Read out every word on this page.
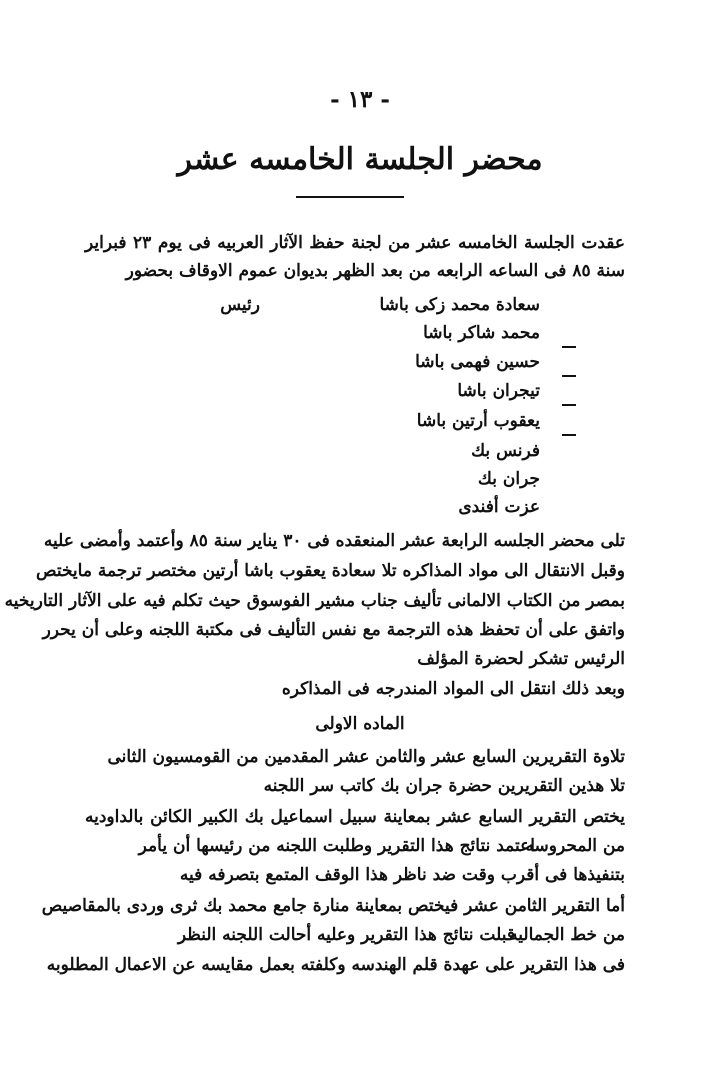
- ١٣ -
محضر الجلسة الخامسه عشر
عقدت الجلسة الخامسه عشر من لجنة حفظ الآثار العربيه فى يوم ٢٣ فبراير
سنة ٨٥ فى الساعه الرابعه من بعد الظهر بديوان عموم الاوقاف بحضور
سعادة محمد زكى باشا
رئيس
محمد شاكر باشا
حسين فهمى باشا
تيجران باشا
يعقوب أرتين باشا
فرنس بك
جران بك
عزت أفندى
تلى محضر الجلسه الرابعة عشر المنعقده فى ٣٠ يناير سنة ٨٥ وأعتمد وأمضى عليه
وقبل الانتقال الى مواد المذاكره تلا سعادة يعقوب باشا أرتين مختصر ترجمة مايختص
بمصر من الكتاب الالمانى تأليف جناب مشير الفوسوق حيث تكلم فيه على الآثار التاريخيه
واتفق على أن تحفظ هذه الترجمة مع نفس التأليف فى مكتبة اللجنه وعلى أن يحرر
الرئيس تشكر لحضرة المؤلف
وبعد ذلك انتقل الى المواد المندرجه فى المذاكره
الماده الاولى
تلاوة التقريرين السابع عشر والثامن عشر المقدمين من القومسيون الثانى
تلا هذين التقريرين حضرة جران بك كاتب سر اللجنه
يختص التقرير السابع عشر بمعاينة سبيل اسماعيل بك الكبير الكائن بالداوديه
من المحروسه
اعتمد نتائج هذا التقرير وطلبت اللجنه من رئيسها أن يأمر
بتنفيذها فى أقرب وقت ضد ناظر هذا الوقف المتمع بتصرفه فيه
أما التقرير الثامن عشر فيختص بمعاينة منارة جامع محمد بك ثرى وردى بالمقاصيص
من خط الجماليه
قبلت نتائج هذا التقرير وعليه أحالت اللجنه النظر
فى هذا التقرير على عهدة قلم الهندسه وكلفته بعمل مقايسه عن الاعمال المطلوبه
